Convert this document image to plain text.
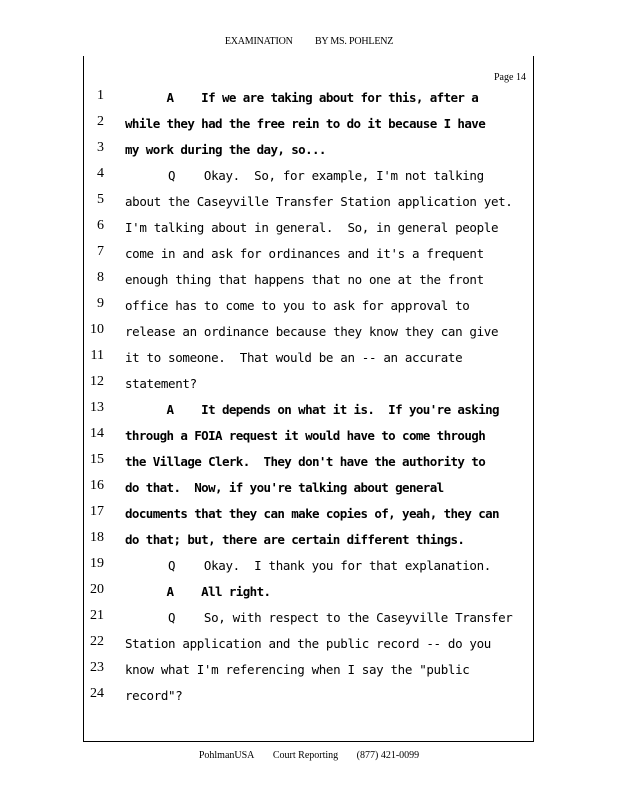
EXAMINATION BY MS. POHLENZ
Page 14
1 A    If we are taking about for this, after a
2 while they had the free rein to do it because I have
3 my work during the day, so...
4 Q    Okay.  So, for example, I'm not talking
5 about the Caseyville Transfer Station application yet.
6 I'm talking about in general.  So, in general people
7 come in and ask for ordinances and it's a frequent
8 enough thing that happens that no one at the front
9 office has to come to you to ask for approval to
10 release an ordinance because they know they can give
11 it to someone.  That would be an -- an accurate
12 statement?
13 A    It depends on what it is.  If you're asking
14 through a FOIA request it would have to come through
15 the Village Clerk.  They don't have the authority to
16 do that.  Now, if you're talking about general
17 documents that they can make copies of, yeah, they can
18 do that; but, there are certain different things.
19 Q    Okay.  I thank you for that explanation.
20 A    All right.
21 Q    So, with respect to the Caseyville Transfer
22 Station application and the public record -- do you
23 know what I'm referencing when I say the "public
24 record"?
PohlmanUSA Court Reporting (877) 421-0099
